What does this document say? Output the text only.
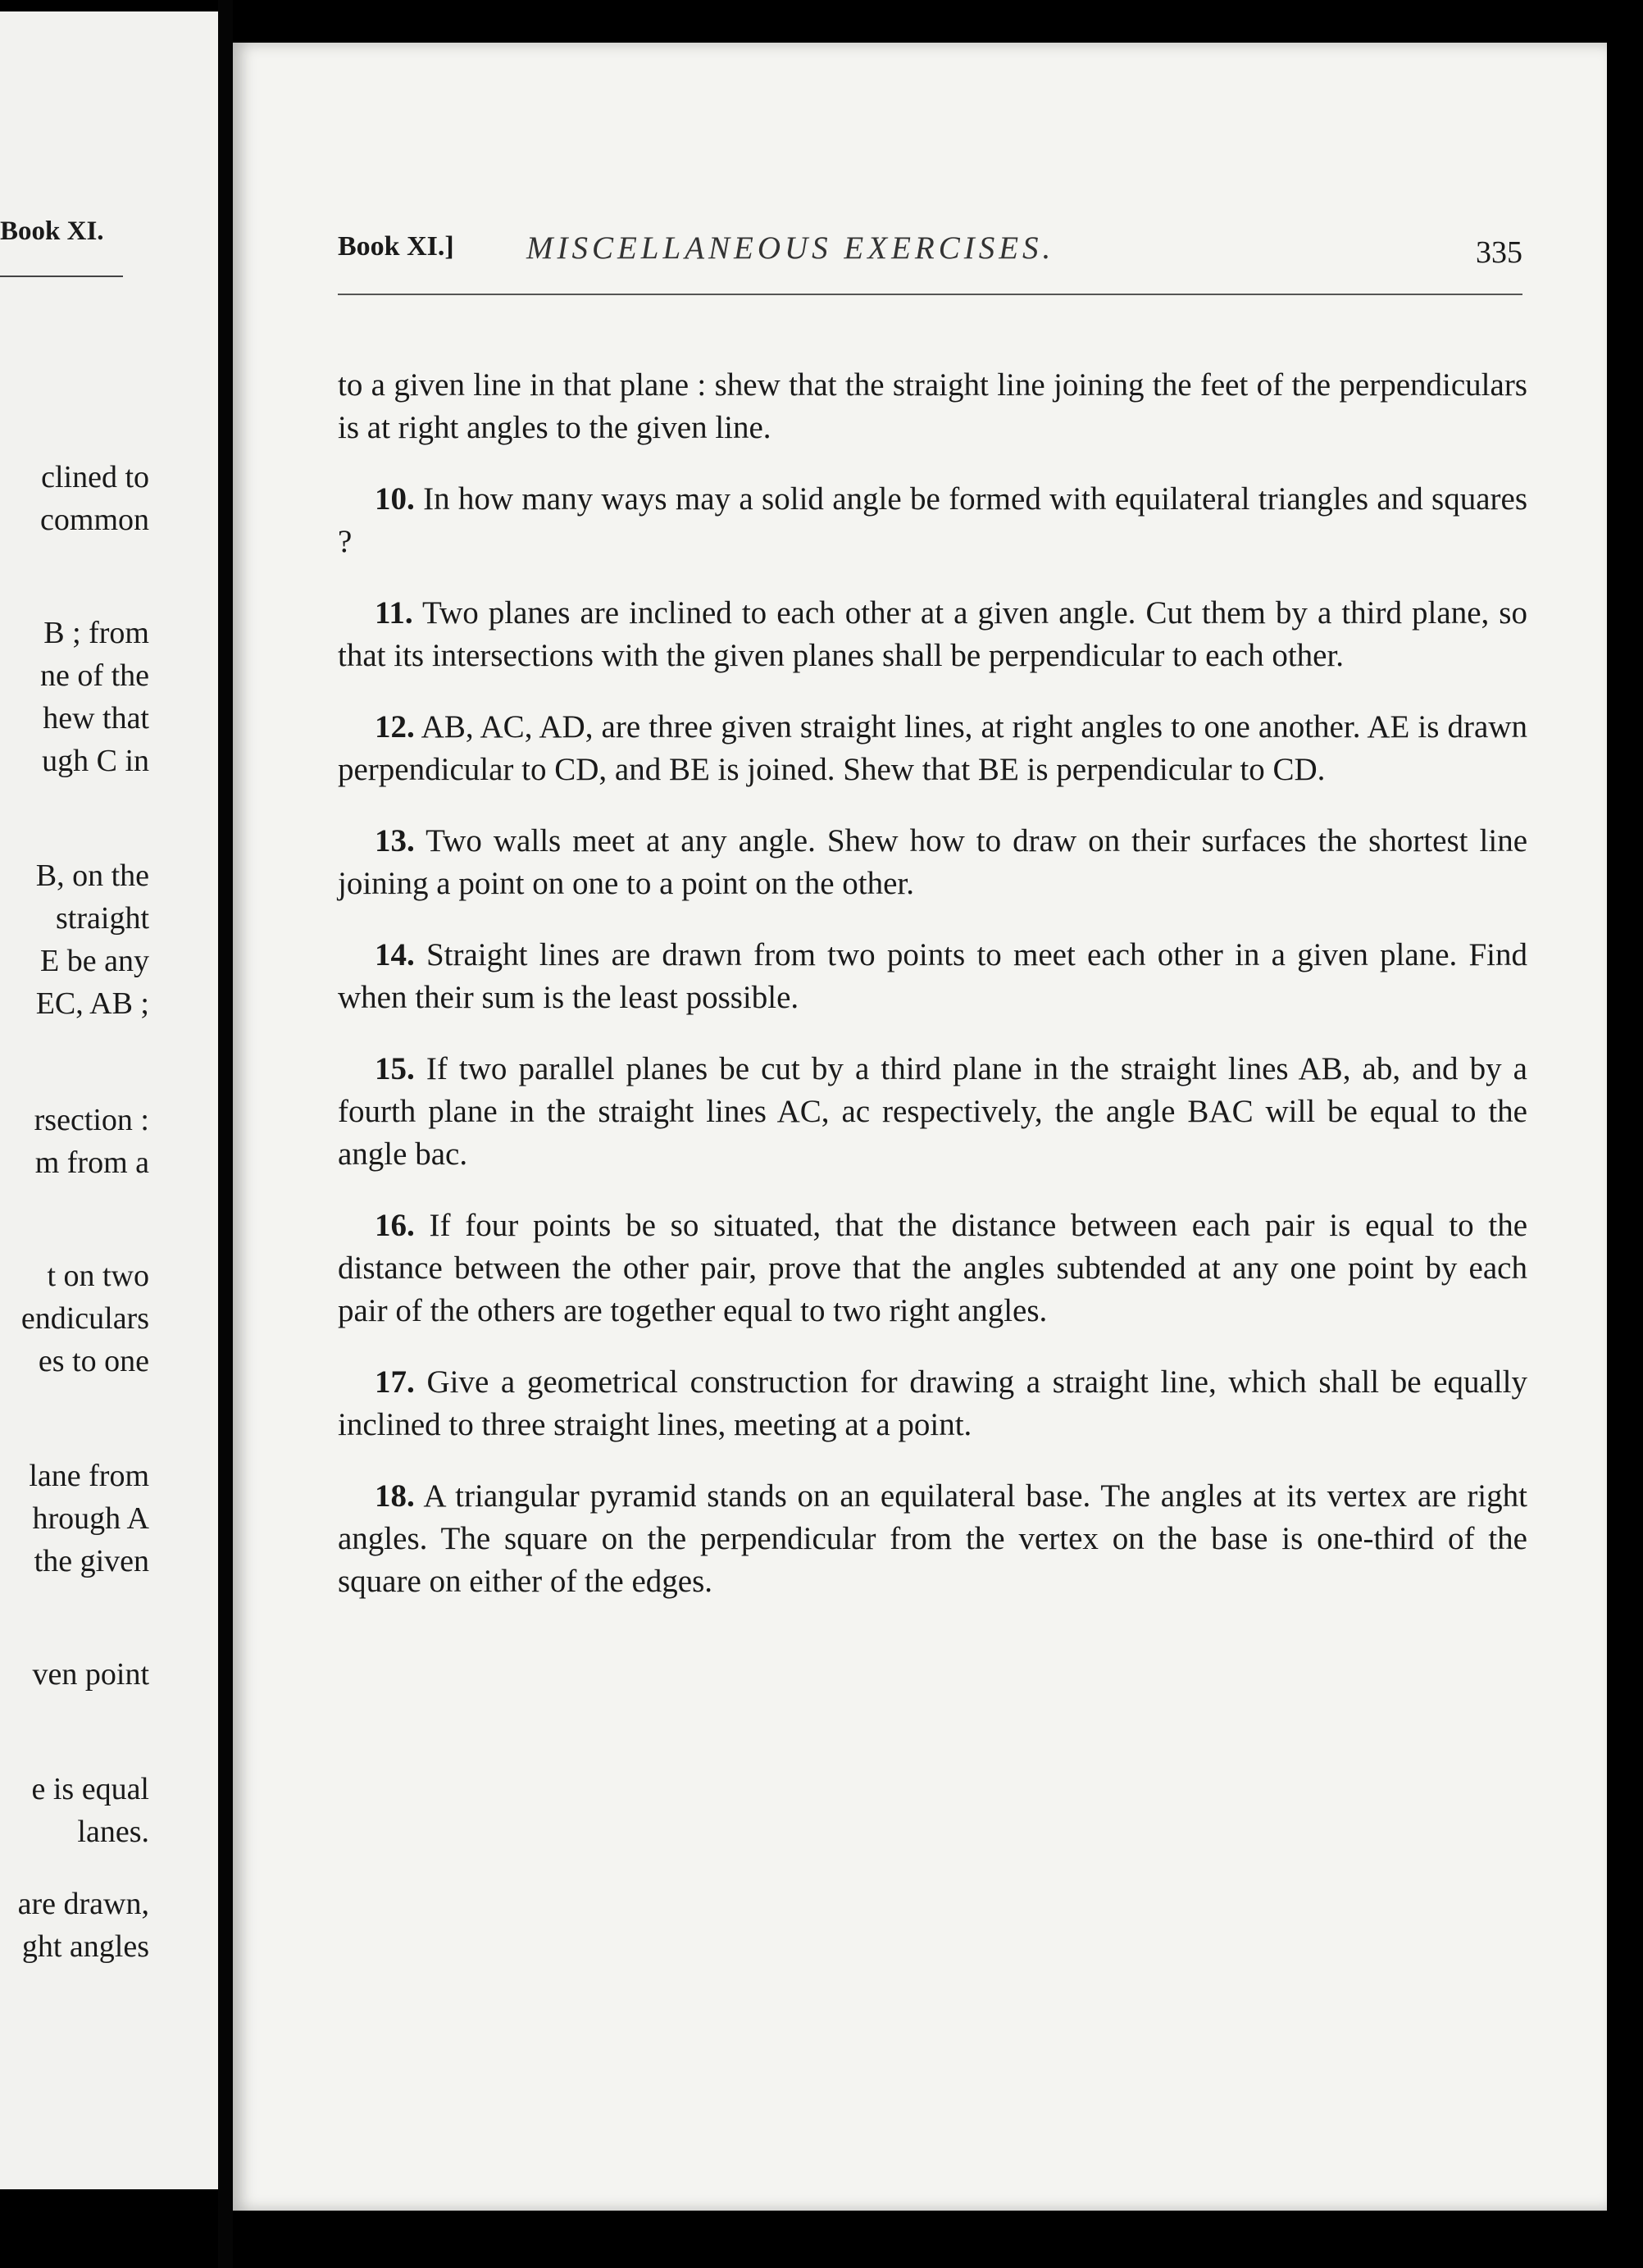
Book XI.
clined to
common
B ; from
ne of the
hew that
ugh C in
B, on the
straight
E be any
EC, AB ;
rsection :
m from a
t on two
endiculars
es to one
lane from
hrough A
the given
ven point
e is equal
lanes.
are drawn,
ght angles
Book XI.] MISCELLANEOUS EXERCISES.	335

to a given line in that plane : shew that the straight line joining the feet of the perpendiculars is at right angles to the given line.

10. In how many ways may a solid angle be formed with equilateral triangles and squares ?

11. Two planes are inclined to each other at a given angle. Cut them by a third plane, so that its intersections with the given planes shall be perpendicular to each other.

12. AB, AC, AD, are three given straight lines, at right angles to one another. AE is drawn perpendicular to CD, and BE is joined. Shew that BE is perpendicular to CD.

13. Two walls meet at any angle. Shew how to draw on their surfaces the shortest line joining a point on one to a point on the other.

14. Straight lines are drawn from two points to meet each other in a given plane. Find when their sum is the least possible.

15. If two parallel planes be cut by a third plane in the straight lines AB, ab, and by a fourth plane in the straight lines AC, ac respectively, the angle BAC will be equal to the angle bac.

16. If four points be so situated, that the distance between each pair is equal to the distance between the other pair, prove that the angles subtended at any one point by each pair of the others are together equal to two right angles.

17. Give a geometrical construction for drawing a straight line, which shall be equally inclined to three straight lines, meeting at a point.

18. A triangular pyramid stands on an equilateral base. The angles at its vertex are right angles. The square on the perpendicular from the vertex on the base is one-third of the square on either of the edges.
